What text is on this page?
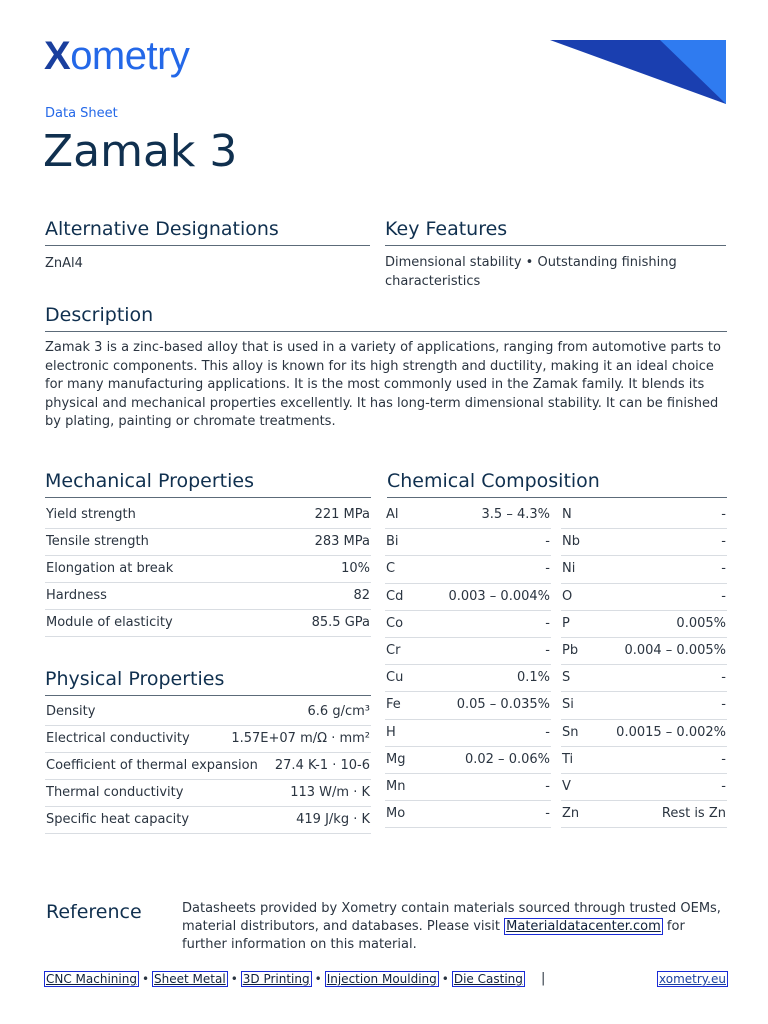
Xometry
Data Sheet
Zamak 3
Alternative Designations
ZnAl4
Key Features
Dimensional stability • Outstanding finishing characteristics
Description
Zamak 3 is a zinc-based alloy that is used in a variety of applications, ranging from automotive parts to electronic components. This alloy is known for its high strength and ductility, making it an ideal choice for many manufacturing applications. It is the most commonly used in the Zamak family. It blends its physical and mechanical properties excellently. It has long-term dimensional stability. It can be finished by plating, painting or chromate treatments.
Mechanical Properties
Yield strength	221 MPa
Tensile strength	283 MPa
Elongation at break	10%
Hardness	82
Module of elasticity	85.5 GPa
Physical Properties
Density	6.6 g/cm³
Electrical conductivity	1.57E+07 m/Ω · mm²
Coefficient of thermal expansion 27.4 K-1 · 10-6
Thermal conductivity	113 W/m · K
Specific heat capacity	419 J/kg · K
Chemical Composition
Al	3.5 – 4.3% N	-
Bi	- Nb	-
C	- Ni	-
Cd	0.003 – 0.004% O	-
Co	- P	0.005%
Cr	- Pb	0.004 – 0.005%
Cu	0.1% S	-
Fe	0.05 – 0.035% Si	-
H	- Sn	0.0015 – 0.002%
Mg	0.02 – 0.06% Ti	-
Mn	- V	-
Mo	- Zn	Rest is Zn
Reference	Datasheets provided by Xometry contain materials sourced through trusted OEMs, material distributors, and databases. Please visit Materialdatacenter.com for further information on this material.
CNC Machining • Sheet Metal • 3D Printing • Injection Moulding • Die Casting |	xometry.eu
